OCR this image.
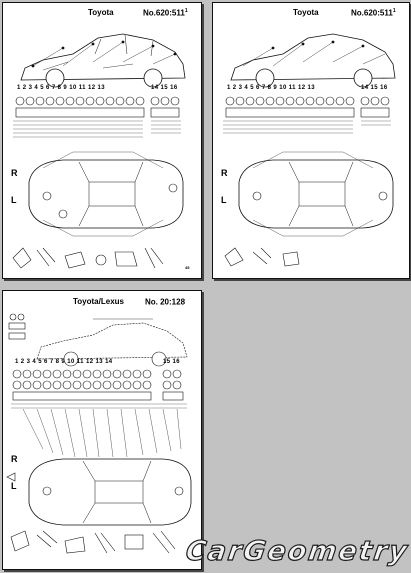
Toyota	$No.620:511^1$
1 2 3 4 5 6 7 8 9 10 11 12 13	14 15 16
R
L
45
Toyota	$No.620:511^1$
1 2 3 4 5 6 7 8 9 10 11 12 13	14 15 16
R
L
Toyota/Lexus	No. 20:128
1 2 3 4 5 6 7 8 9 10 11 12 13 14	15 16
R
L
CarGeometry
